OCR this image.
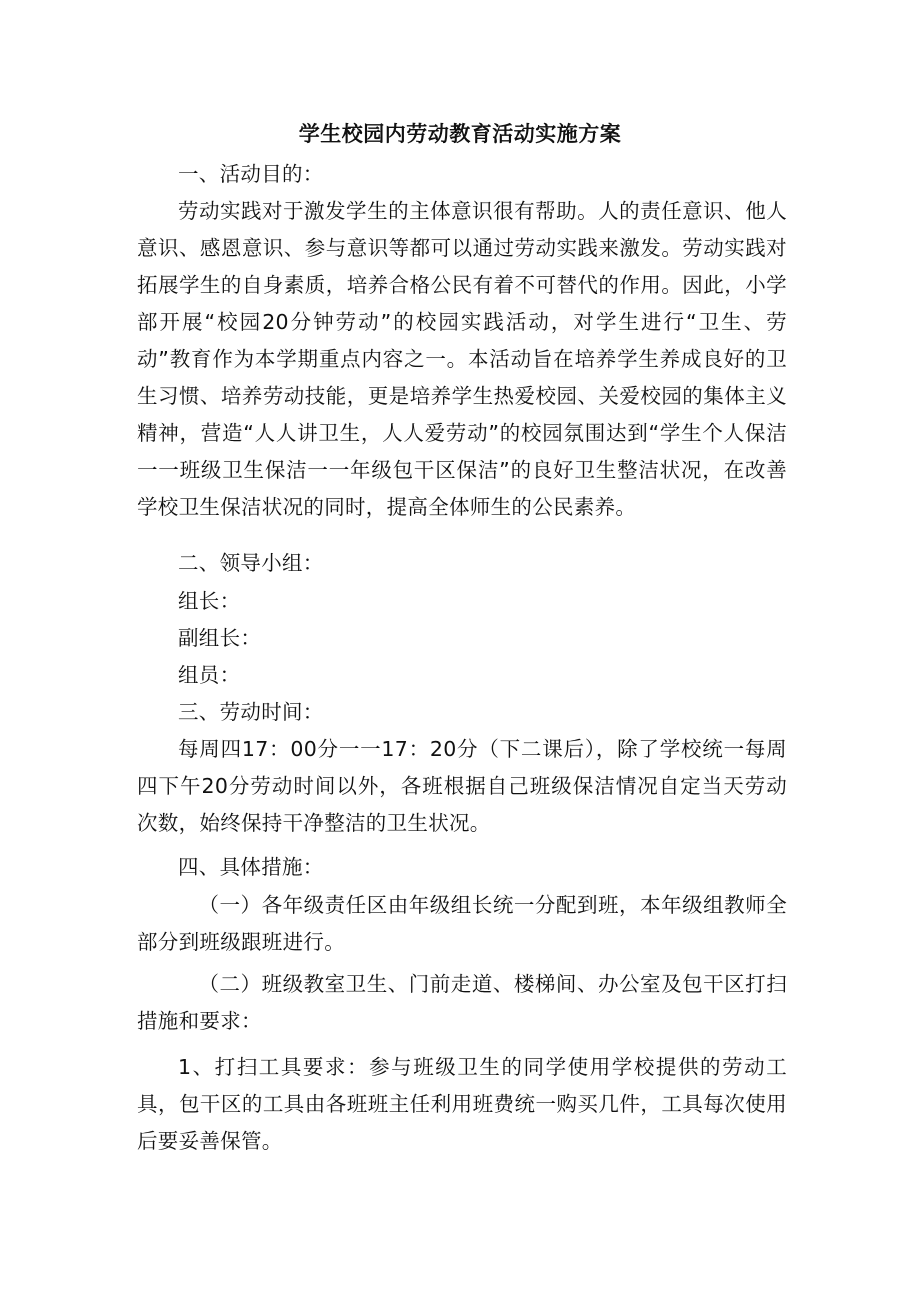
学生校园内劳动教育活动实施方案
一、活动目的：
劳动实践对于激发学生的主体意识很有帮助。人的责任意识、他人意识、感恩意识、参与意识等都可以通过劳动实践来激发。劳动实践对拓展学生的自身素质，培养合格公民有着不可替代的作用。因此，小学部开展“校园20分钟劳动”的校园实践活动，对学生进行“卫生、劳动”教育作为本学期重点内容之一。本活动旨在培养学生养成良好的卫生习惯、培养劳动技能，更是培养学生热爱校园、关爱校园的集体主义精神，营造“人人讲卫生，人人爱劳动”的校园氛围达到“学生个人保洁一一班级卫生保洁一一年级包干区保洁”的良好卫生整洁状况，在改善学校卫生保洁状况的同时，提高全体师生的公民素养。
二、领导小组：
组长：
副组长：
组员：
三、劳动时间：
每周四17：00分一一17：20分（下二课后），除了学校统一每周四下午20分劳动时间以外，各班根据自己班级保洁情况自定当天劳动次数，始终保持干净整洁的卫生状况。
四、具体措施：
（一）各年级责任区由年级组长统一分配到班，本年级组教师全部分到班级跟班进行。
（二）班级教室卫生、门前走道、楼梯间、办公室及包干区打扫措施和要求：
1、打扫工具要求：参与班级卫生的同学使用学校提供的劳动工具，包干区的工具由各班班主任利用班费统一购买几件，工具每次使用后要妥善保管。
